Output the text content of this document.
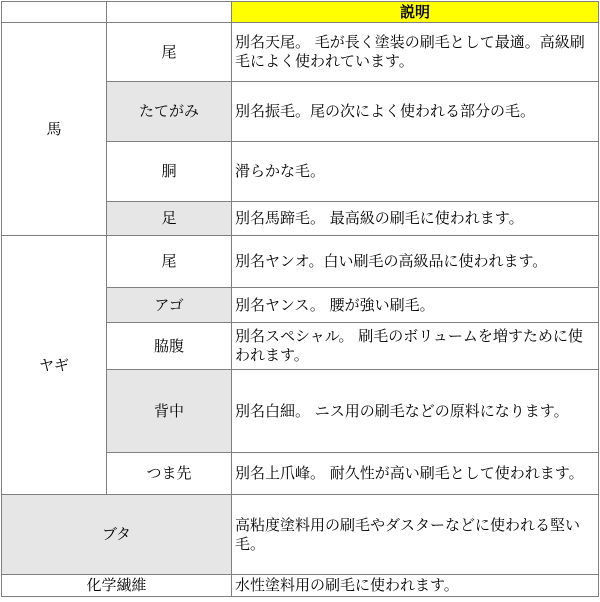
		説明
馬	尾	別名天尾。 毛が長く塗装の刷毛として最適。高級刷毛によく使われています。
	たてがみ	別名振毛。尾の次によく使われる部分の毛。
	胴	滑らかな毛。
	足	別名馬蹄毛。 最高級の刷毛に使われます。
ヤギ	尾	別名ヤンオ。白い刷毛の高級品に使われます。
	アゴ	別名ヤンス。 腰が強い刷毛。
	脇腹	別名スペシャル。 刷毛のボリュームを増すために使われます。
	背中	別名白細。 ニス用の刷毛などの原料になります。
	つま先	別名上爪峰。 耐久性が高い刷毛として使われます。
ブタ		高粘度塗料用の刷毛やダスターなどに使われる堅い毛。
化学繊維		水性塗料用の刷毛に使われます。
